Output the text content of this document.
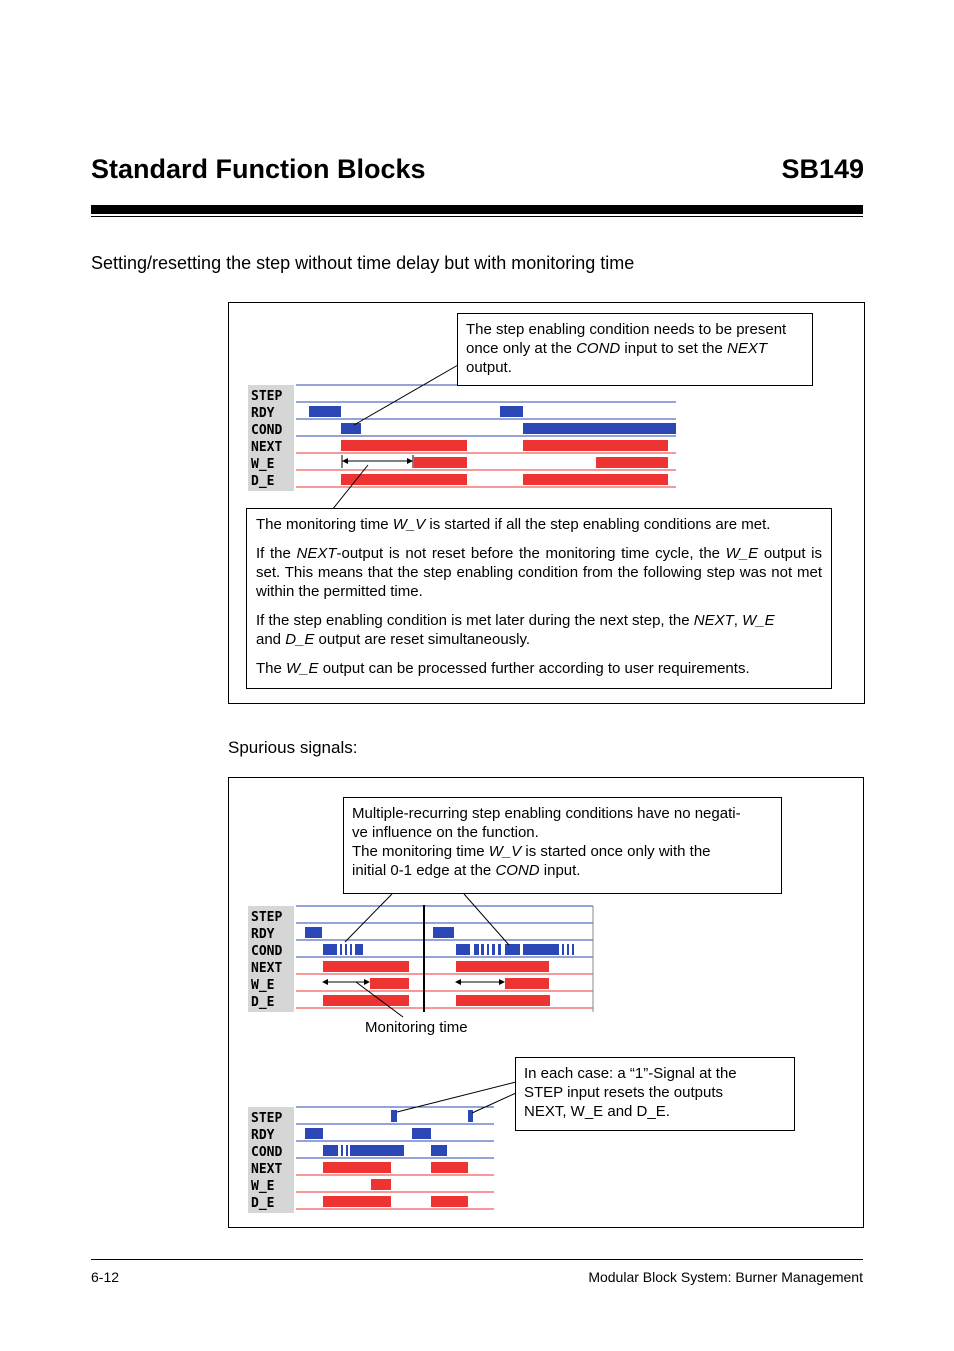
Standard Function Blocks	SB149
Setting/resetting the step without time delay but with monitoring time
STEP
RDY
COND
NEXT
W_E
D_E
STEP
RDY
COND
NEXT
W_E
D_E
STEP
RDY
COND
NEXT
W_E
D_E
The step enabling condition needs to be present once only at the COND input to set the NEXT output.

The monitoring time W_V is started if all the step enabling conditions are met.

If the NEXT-output is not reset before the monitoring time cycle, the W_E output is set. This means that the step enabling condition from the following step was not met within the permitted time.

If the step enabling condition is met later during the next step, the NEXT, W_E
and D_E output are reset simultaneously.

The W_E output can be processed further according to user requirements.

Spurious signals:
Multiple-recurring step enabling conditions have no negati-
ve influence on the function.
The monitoring time W_V is started once only with the
initial 0-1 edge at the COND input.
Monitoring time
In each case: a “1”-Signal at the
STEP input resets the outputs
NEXT, W_E and D_E.
6-12	Modular Block System: Burner Management
